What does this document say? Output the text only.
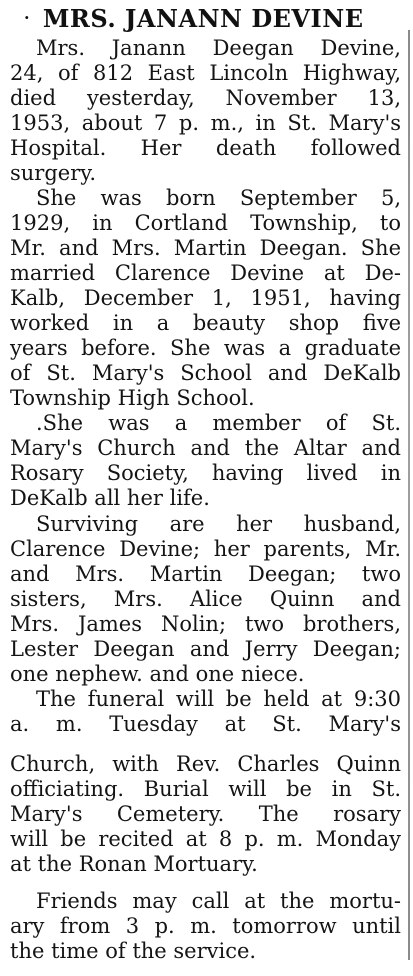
· MRS. JANANN DEVINE
Mrs. Janann Deegan Devine,
24, of 812 East Lincoln Highway,
died yesterday, November 13,
1953, about 7 p. m., in St. Mary's
Hospital. Her death followed
surgery.
She was born September 5,
1929, in Cortland Township, to
Mr. and Mrs. Martin Deegan. She
married Clarence Devine at De-
Kalb, December 1, 1951, having
worked in a beauty shop five
years before. She was a graduate
of St. Mary's School and DeKalb
Township High School.
.She was a member of St.
Mary's Church and the Altar and
Rosary Society, having lived in
DeKalb all her life.
Surviving are her husband,
Clarence Devine; her parents, Mr.
and Mrs. Martin Deegan; two
sisters, Mrs. Alice Quinn and
Mrs. James Nolin; two brothers,
Lester Deegan and Jerry Deegan;
one nephew. and one niece.
The funeral will be held at 9:30
a. m. Tuesday at St. Mary's
Church, with Rev. Charles Quinn
officiating. Burial will be in St.
Mary's Cemetery. The rosary
will be recited at 8 p. m. Monday
at the Ronan Mortuary.
Friends may call at the mortu-
ary from 3 p. m. tomorrow until
the time of the service.
